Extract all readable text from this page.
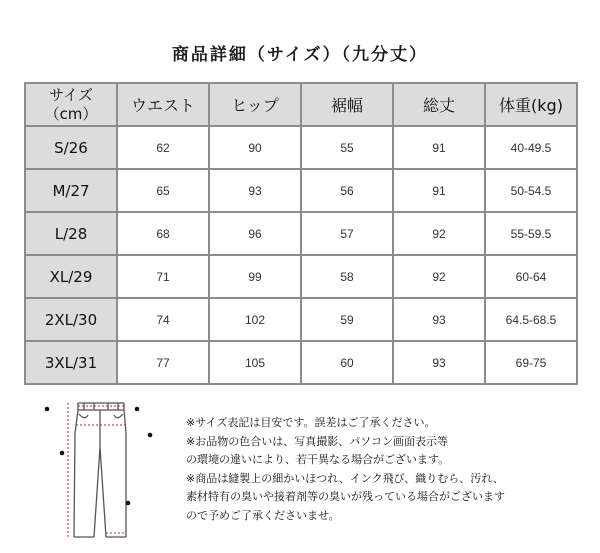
商品詳細（サイズ）（九分丈）
サイズ
（cm）	ウエスト	ヒップ	裾幅	総丈	体重(kg)
S/26	62	90	55	91	40-49.5
M/27	65	93	56	91	50-54.5
L/28	68	96	57	92	55-59.5
XL/29	71	99	58	92	60-64
2XL/30	74	102	59	93	64.5-68.5
3XL/31	77	105	60	93	69-75
※サイズ表記は目安です。誤差はご了承ください。
※お品物の色合いは、写真撮影、パソコン画面表示等
の環境の違いにより、若干異なる場合がございます。
※商品は縫製上の細かいほつれ、インク飛び、織りむら、汚れ、
素材特有の臭いや接着剤等の臭いが残っている場合がございます
ので予めご了承くださいませ。
